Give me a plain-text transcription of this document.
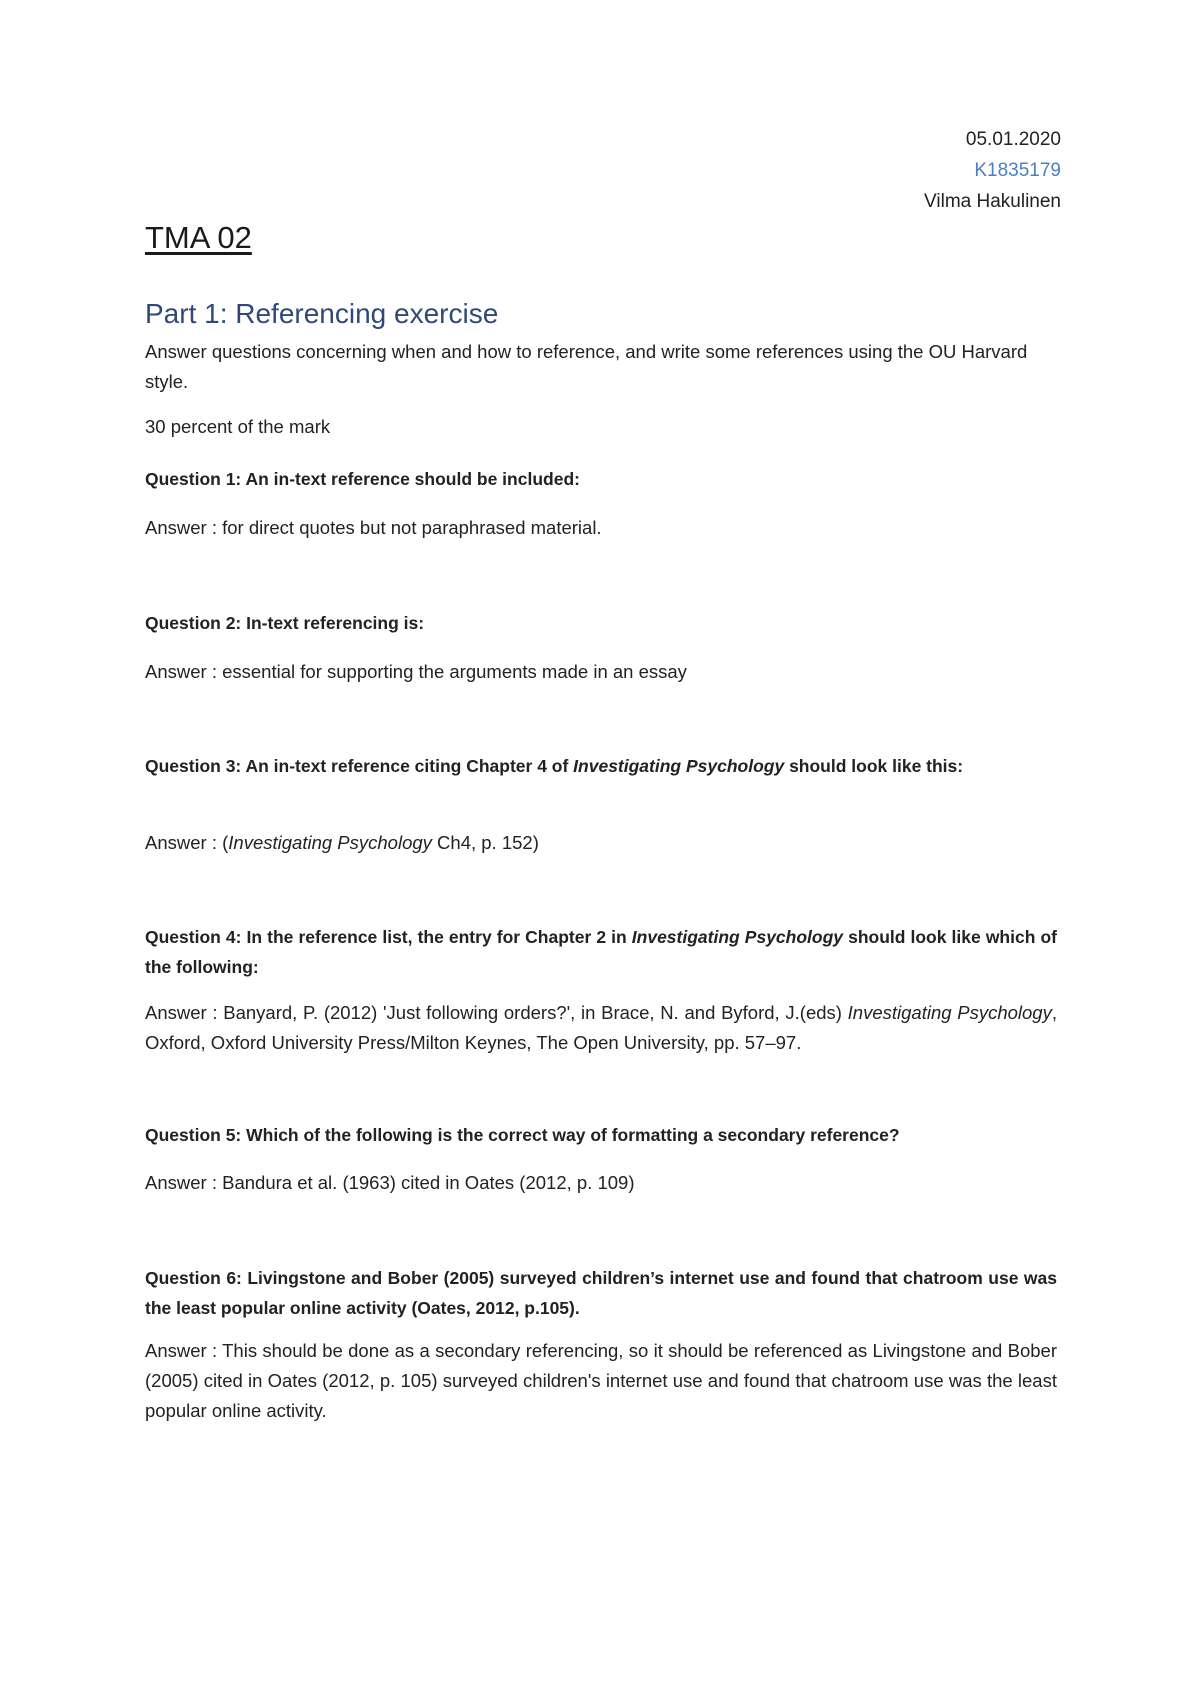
05.01.2020
K1835179
Vilma Hakulinen
TMA 02
Part 1: Referencing exercise

Answer questions concerning when and how to reference, and write some references using the OU Harvard style.

30 percent of the mark

Question 1: An in-text reference should be included:

Answer : for direct quotes but not paraphrased material.

Question 2: In-text referencing is:

Answer : essential for supporting the arguments made in an essay

Question 3: An in-text reference citing Chapter 4 of Investigating Psychology should look like this:

Answer : (Investigating Psychology Ch4, p. 152)

Question 4: In the reference list, the entry for Chapter 2 in Investigating Psychology should look like which of the following:

Answer : Banyard, P. (2012) 'Just following orders?', in Brace, N. and Byford, J.(eds) Investigating Psychology, Oxford, Oxford University Press/Milton Keynes, The Open University, pp. 57–97.

Question 5: Which of the following is the correct way of formatting a secondary reference?

Answer : Bandura et al. (1963) cited in Oates (2012, p. 109)

Question 6: Livingstone and Bober (2005) surveyed children’s internet use and found that chatroom use was the least popular online activity (Oates, 2012, p.105).

Answer : This should be done as a secondary referencing, so it should be referenced as Livingstone and Bober (2005) cited in Oates (2012, p. 105) surveyed children's internet use and found that chatroom use was the least popular online activity.
